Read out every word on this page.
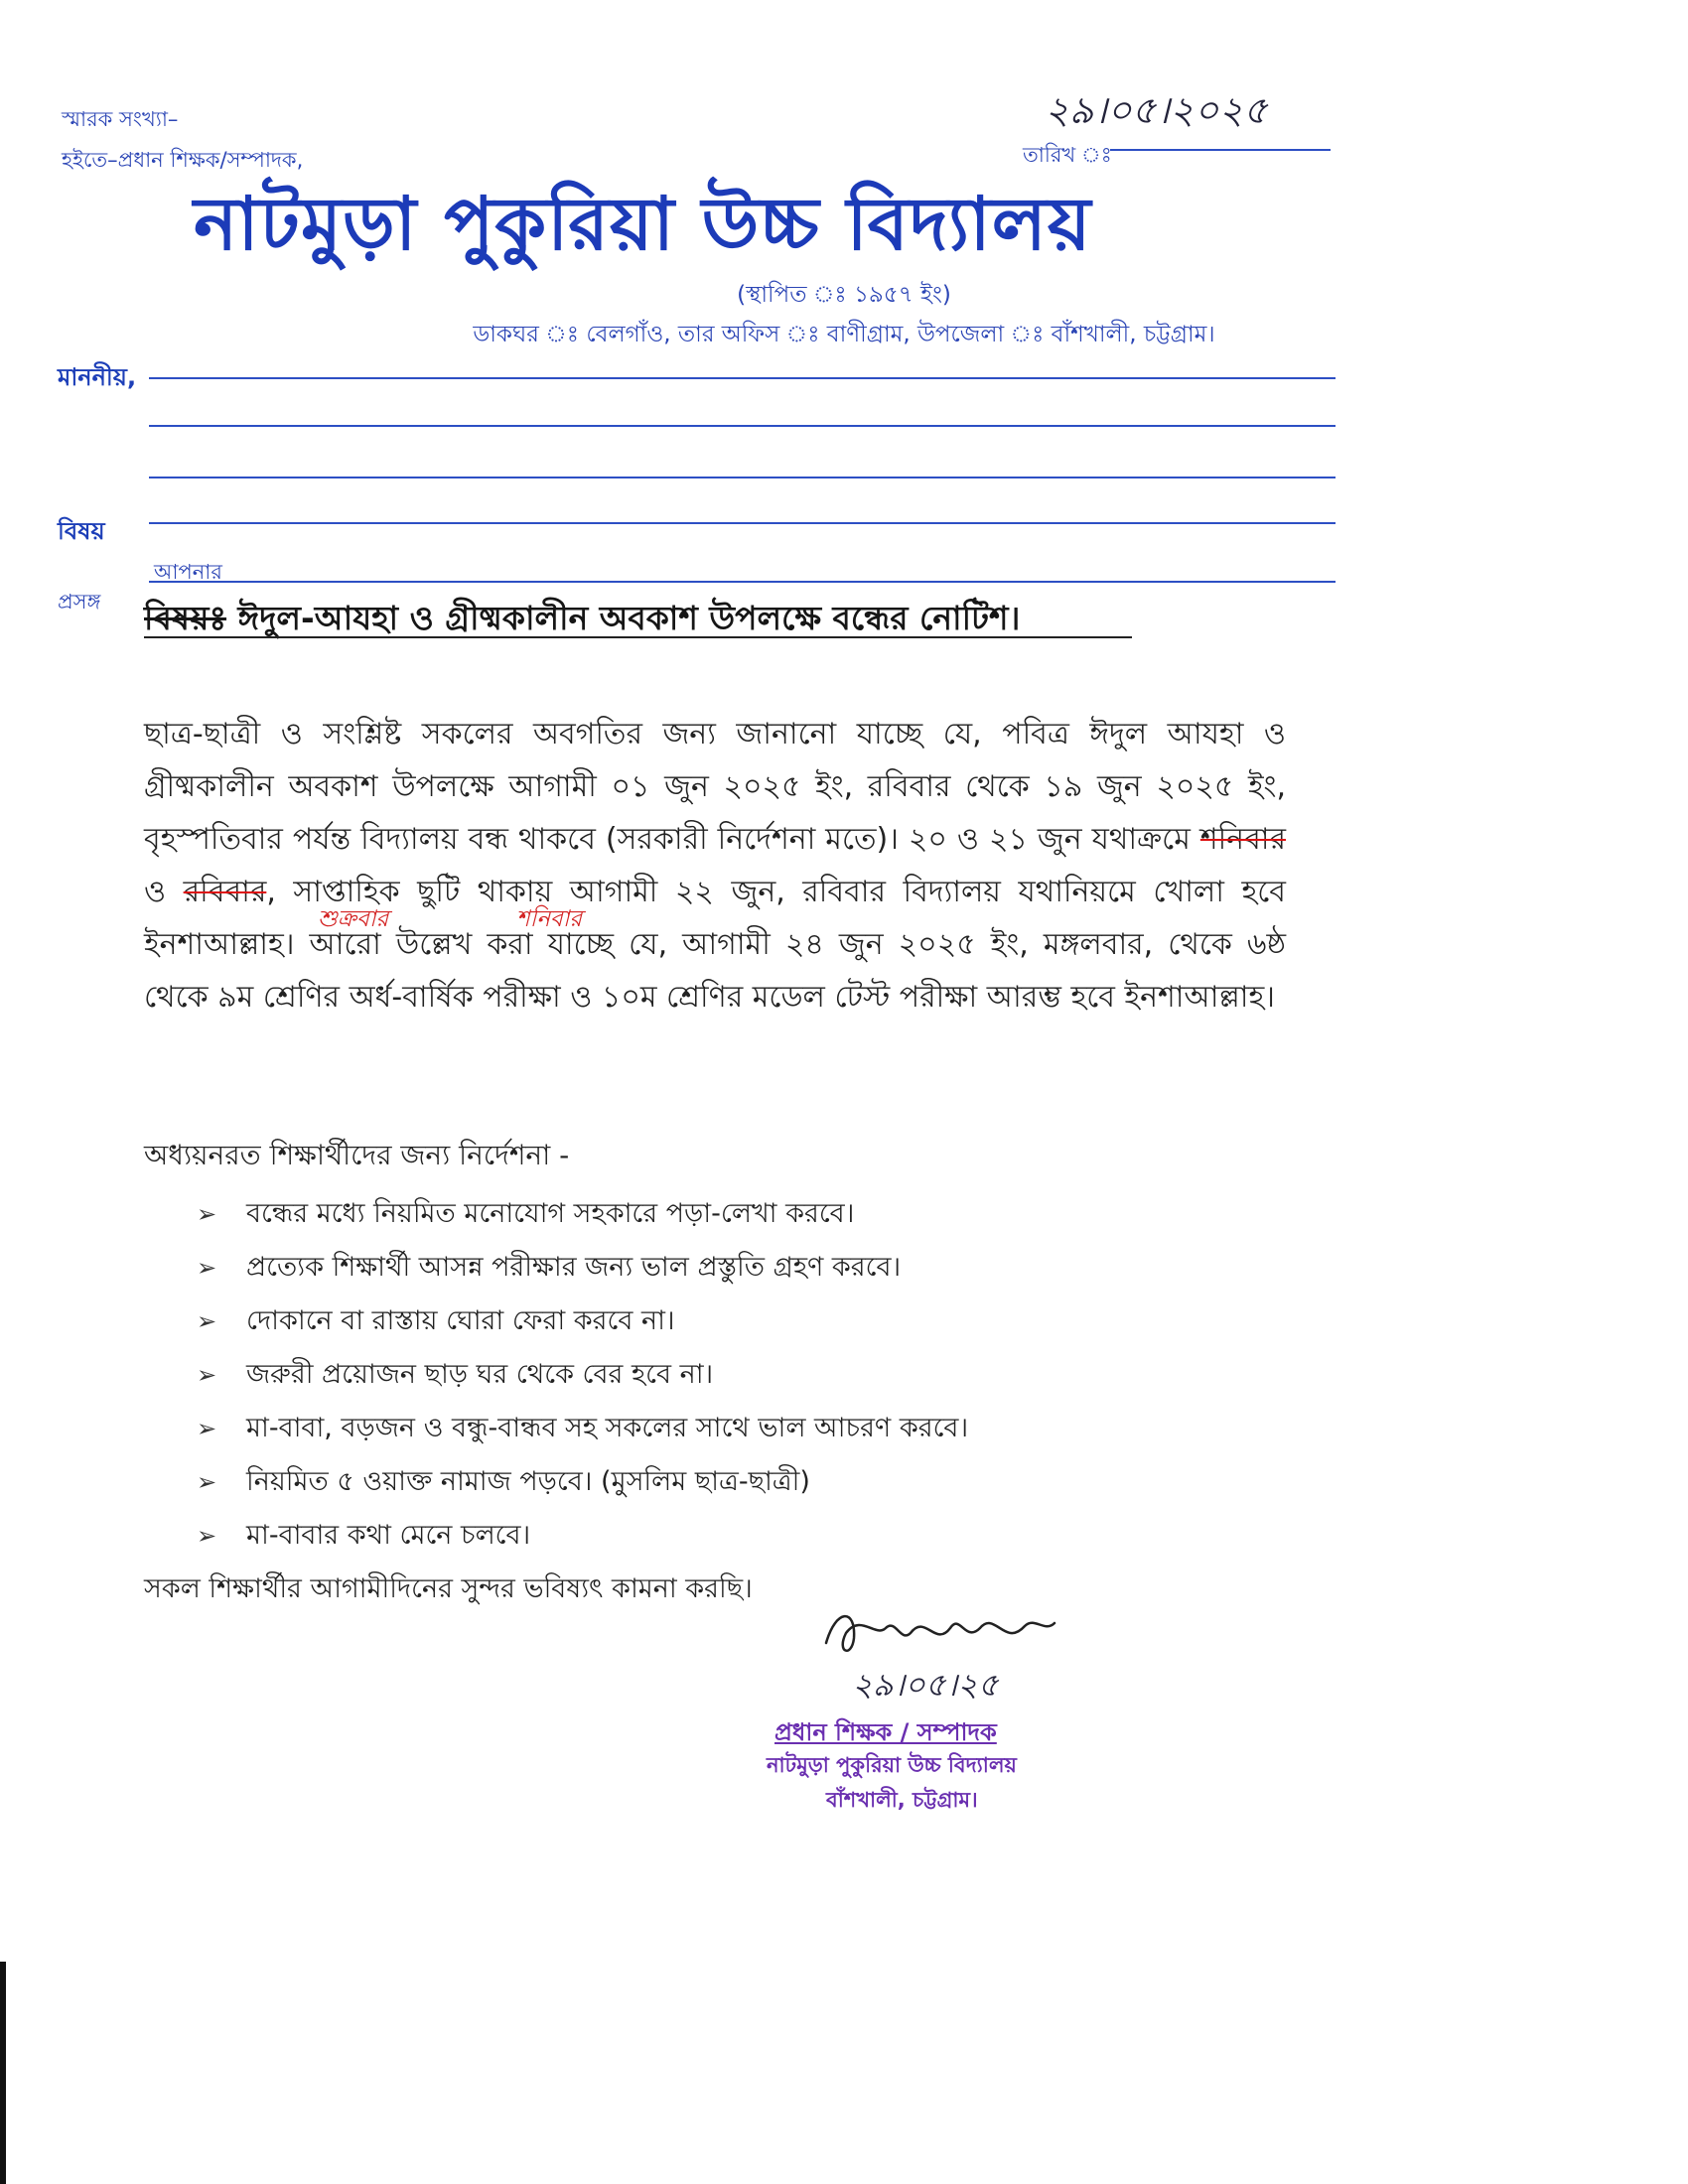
স্মারক সংখ্যা–
হইতে–প্রধান শিক্ষক/সম্পাদক,
২৯।০৫।২০২৫
তারিখ ঃ
নাটমুড়া পুকুরিয়া উচ্চ বিদ্যালয়
(স্থাপিত ঃ ১৯৫৭ ইং)
ডাকঘর ঃ বেলগাঁও, তার অফিস ঃ বাণীগ্রাম, উপজেলা ঃ বাঁশখালী, চট্টগ্রাম।
মাননীয়,
বিষয়
আপনার
প্রসঙ্গ বিষয়ঃ ঈদুল-আযহা ও গ্রীষ্মকালীন অবকাশ উপলক্ষে বন্ধের নোটিশ।
শুক্রবার	শনিবার
ছাত্র-ছাত্রী ও সংশ্লিষ্ট সকলের অবগতির জন্য জানানো যাচ্ছে যে, পবিত্র ঈদুল আযহা ও গ্রীষ্মকালীন অবকাশ উপলক্ষে আগামী ০১ জুন ২০২৫ ইং, রবিবার থেকে ১৯ জুন ২০২৫ ইং, বৃহস্পতিবার পর্যন্ত বিদ্যালয় বন্ধ থাকবে (সরকারী নির্দেশনা মতে)। ২০ ও ২১ জুন যথাক্রমে শনিবার ও রবিবার, সাপ্তাহিক ছুটি থাকায় আগামী ২২ জুন, রবিবার বিদ্যালয় যথানিয়মে খোলা হবে ইনশাআল্লাহ। আরো উল্লেখ করা যাচ্ছে যে, আগামী ২৪ জুন ২০২৫ ইং, মঙ্গলবার, থেকে ৬ষ্ঠ থেকে ৯ম শ্রেণির অর্ধ-বার্ষিক পরীক্ষা ও ১০ম শ্রেণির মডেল টেস্ট পরীক্ষা আরম্ভ হবে ইনশাআল্লাহ।
অধ্যয়নরত শিক্ষার্থীদের জন্য নির্দেশনা -
➢ বন্ধের মধ্যে নিয়মিত মনোযোগ সহকারে পড়া-লেখা করবে।
➢ প্রত্যেক শিক্ষার্থী আসন্ন পরীক্ষার জন্য ভাল প্রস্তুতি গ্রহণ করবে।
➢ দোকানে বা রাস্তায় ঘোরা ফেরা করবে না।
➢ জরুরী প্রয়োজন ছাড় ঘর থেকে বের হবে না।
➢ মা-বাবা, বড়জন ও বন্ধু-বান্ধব সহ সকলের সাথে ভাল আচরণ করবে।
➢ নিয়মিত ৫ ওয়াক্ত নামাজ পড়বে। (মুসলিম ছাত্র-ছাত্রী)
➢ মা-বাবার কথা মেনে চলবে।
সকল শিক্ষার্থীর আগামীদিনের সুন্দর ভবিষ্যৎ কামনা করছি।
২৯।০৫।২৫
প্রধান শিক্ষক / সম্পাদক
নাটমুড়া পুকুরিয়া উচ্চ বিদ্যালয়
বাঁশখালী, চট্টগ্রাম।
